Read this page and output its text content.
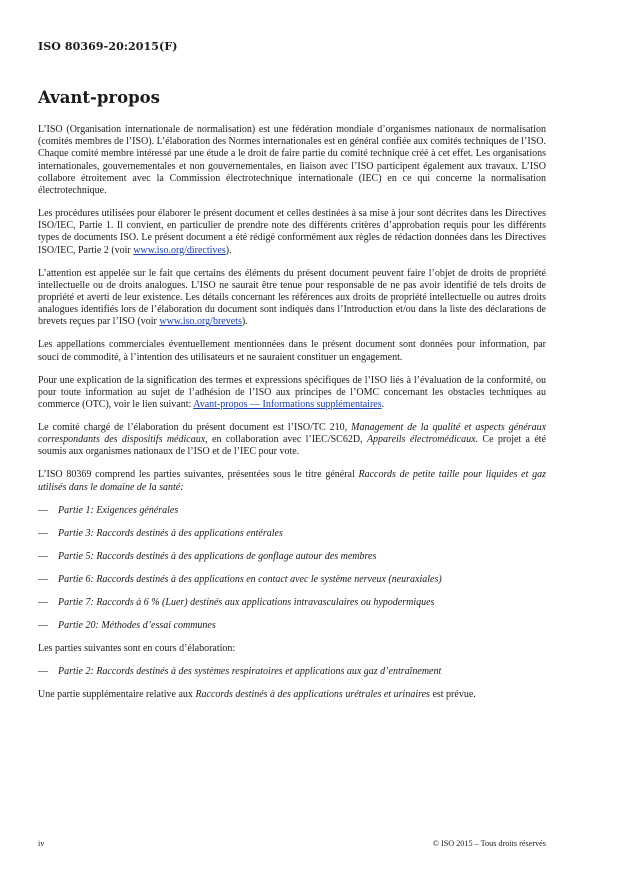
ISO 80369-20:2015(F)
Avant-propos

L’ISO (Organisation internationale de normalisation) est une fédération mondiale d’organismes nationaux de normalisation (comités membres de l’ISO). L’élaboration des Normes internationales est en général confiée aux comités techniques de l’ISO. Chaque comité membre intéressé par une étude a le droit de faire partie du comité technique créé à cet effet. Les organisations internationales, gouvernementales et non gouvernementales, en liaison avec l’ISO participent également aux travaux. L’ISO collabore étroitement avec la Commission électrotechnique internationale (IEC) en ce qui concerne la normalisation électrotechnique.

Les procédures utilisées pour élaborer le présent document et celles destinées à sa mise à jour sont décrites dans les Directives ISO/IEC, Partie 1. Il convient, en particulier de prendre note des différents critères d’approbation requis pour les différents types de documents ISO. Le présent document a été rédigé conformément aux règles de rédaction données dans les Directives ISO/IEC, Partie 2 (voir www.iso.org/directives).

L’attention est appelée sur le fait que certains des éléments du présent document peuvent faire l’objet de droits de propriété intellectuelle ou de droits analogues. L’ISO ne saurait être tenue pour responsable de ne pas avoir identifié de tels droits de propriété et averti de leur existence. Les détails concernant les références aux droits de propriété intellectuelle ou autres droits analogues identifiés lors de l’élaboration du document sont indiqués dans l’Introduction et/ou dans la liste des déclarations de brevets reçues par l’ISO (voir www.iso.org/brevets).

Les appellations commerciales éventuellement mentionnées dans le présent document sont données pour information, par souci de commodité, à l’intention des utilisateurs et ne sauraient constituer un engagement.

Pour une explication de la signification des termes et expressions spécifiques de l’ISO liés à l’évaluation de la conformité, ou pour toute information au sujet de l’adhésion de l’ISO aux principes de l’OMC concernant les obstacles techniques au commerce (OTC), voir le lien suivant: Avant-propos — Informations supplémentaires.

Le comité chargé de l’élaboration du présent document est l’ISO/TC 210, Management de la qualité et aspects généraux correspondants des dispositifs médicaux, en collaboration avec l’IEC/SC62D, Appareils électromédicaux. Ce projet a été soumis aux organismes nationaux de l’ISO et de l’IEC pour vote.

L’ISO 80369 comprend les parties suivantes, présentées sous le titre général Raccords de petite taille pour liquides et gaz utilisés dans le domaine de la santé:

—	Partie 1: Exigences générales
—	Partie 3: Raccords destinés à des applications entérales
—	Partie 5: Raccords destinés à des applications de gonflage autour des membres
—	Partie 6: Raccords destinés à des applications en contact avec le système nerveux (neuraxiales)
—	Partie 7: Raccords à 6 % (Luer) destinés aux applications intravasculaires ou hypodermiques
—	Partie 20: Méthodes d’essai communes

Les parties suivantes sont en cours d’élaboration:

—	Partie 2: Raccords destinés à des systèmes respiratoires et applications aux gaz d’entraînement

Une partie supplémentaire relative aux Raccords destinés à des applications urétrales et urinaires est prévue.

iv	© ISO 2015 – Tous droits réservés
